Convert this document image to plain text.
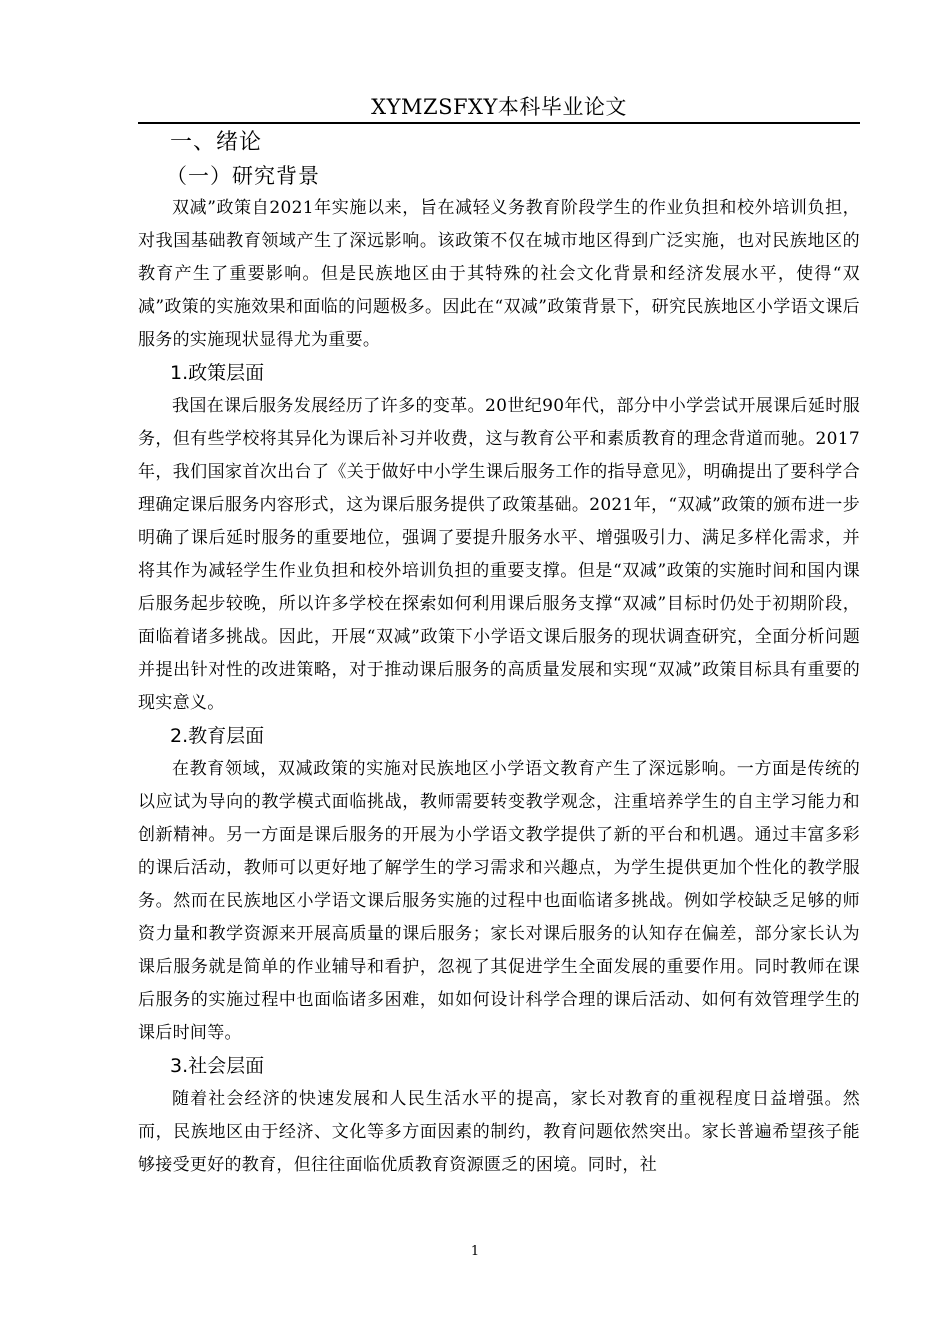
XYMZSFXY本科毕业论文
一、绪论
（一）研究背景

双减”政策自2021年实施以来，旨在减轻义务教育阶段学生的作业负担和校外培训负担，对我国基础教育领域产生了深远影响。该政策不仅在城市地区得到广泛实施，也对民族地区的教育产生了重要影响。但是民族地区由于其特殊的社会文化背景和经济发展水平，使得“双减”政策的实施效果和面临的问题极多。因此在“双减”政策背景下，研究民族地区小学语文课后服务的实施现状显得尤为重要。

1.政策层面

我国在课后服务发展经历了许多的变革。20世纪90年代，部分中小学尝试开展课后延时服务，但有些学校将其异化为课后补习并收费，这与教育公平和素质教育的理念背道而驰。2017年，我们国家首次出台了《关于做好中小学生课后服务工作的指导意见》，明确提出了要科学合理确定课后服务内容形式，这为课后服务提供了政策基础。2021年，“双减”政策的颁布进一步明确了课后延时服务的重要地位，强调了要提升服务水平、增强吸引力、满足多样化需求，并将其作为减轻学生作业负担和校外培训负担的重要支撑。但是“双减”政策的实施时间和国内课后服务起步较晚，所以许多学校在探索如何利用课后服务支撑“双减”目标时仍处于初期阶段，面临着诸多挑战。因此，开展“双减”政策下小学语文课后服务的现状调查研究，全面分析问题并提出针对性的改进策略，对于推动课后服务的高质量发展和实现“双减”政策目标具有重要的现实意义。

2.教育层面

在教育领域，双减政策的实施对民族地区小学语文教育产生了深远影响。一方面是传统的以应试为导向的教学模式面临挑战，教师需要转变教学观念，注重培养学生的自主学习能力和创新精神。另一方面是课后服务的开展为小学语文教学提供了新的平台和机遇。通过丰富多彩的课后活动，教师可以更好地了解学生的学习需求和兴趣点，为学生提供更加个性化的教学服务。然而在民族地区小学语文课后服务实施的过程中也面临诸多挑战。例如学校缺乏足够的师资力量和教学资源来开展高质量的课后服务；家长对课后服务的认知存在偏差，部分家长认为课后服务就是简单的作业辅导和看护，忽视了其促进学生全面发展的重要作用。同时教师在课后服务的实施过程中也面临诸多困难，如如何设计科学合理的课后活动、如何有效管理学生的课后时间等。

3.社会层面

随着社会经济的快速发展和人民生活水平的提高，家长对教育的重视程度日益增强。然而，民族地区由于经济、文化等多方面因素的制约，教育问题依然突出。家长普遍希望孩子能够接受更好的教育，但往往面临优质教育资源匮乏的困境。同时，社

1
